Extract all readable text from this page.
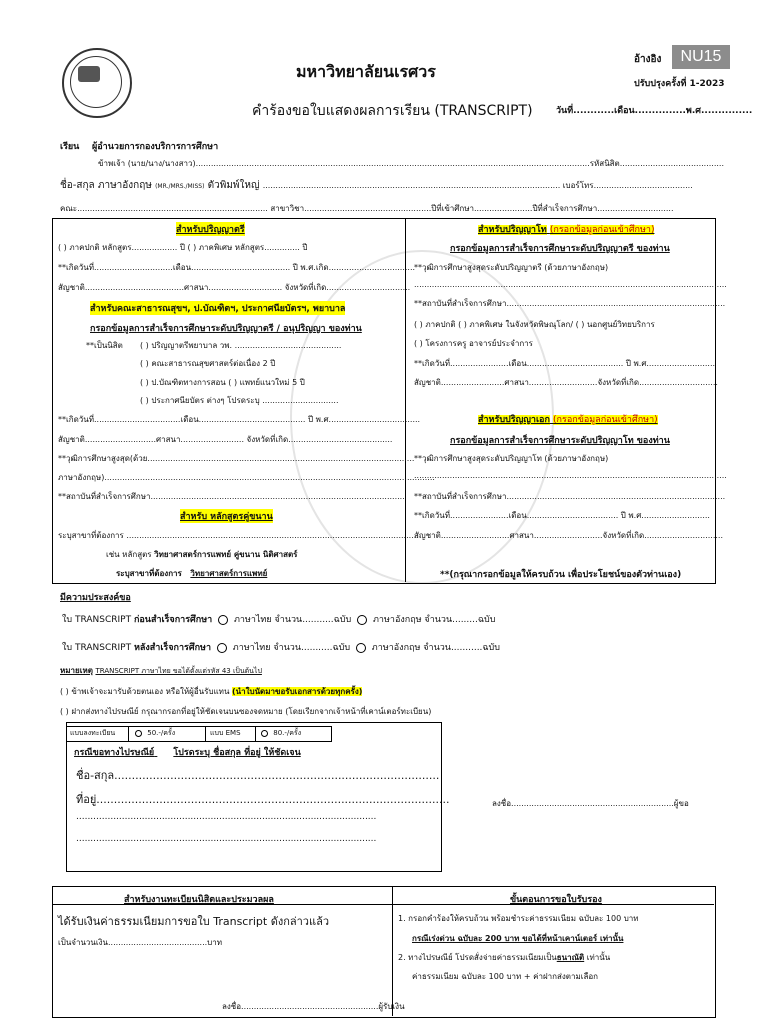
มหาวิทยาลัยนเรศวร
คำร้องขอใบแสดงผลการเรียน (TRANSCRIPT)
อ้างอิง	NU15
ปรับปรุงครั้งที่ 1-2023
วันที่............เดือน...............พ.ศ...............
เรียน ผู้อำนวยการกองบริการการศึกษา
ข้าพเจ้า (นาย/นาง/นางสาว)...........................................................................................................................................................รหัสนิสิต.........................................
ชื่อ-สกุล ภาษาอังกฤษ (MR./MRS./MISS) ตัวพิมพ์ใหญ่ ..................................................................................................................... เบอร์โทร.......................................
คณะ........................................................................... สาขาวิชา..................................................ปีที่เข้าศึกษา.......................ปีที่สำเร็จการศึกษา..............................
สำหรับปริญญาตรี
( ) ภาคปกติ หลักสูตร.................. ปี ( ) ภาคพิเศษ หลักสูตร.............. ปี
**เกิดวันที่...............................เดือน....................................... ปี พ.ศ.เกิด..................................
สัญชาติ.......................................ศาสนา............................. จังหวัดที่เกิด.................................
สำหรับคณะสาธารณสุขฯ, ป.บัณฑิตฯ, ประกาศนียบัตรฯ, พยาบาล
กรอกข้อมูลการสำเร็จการศึกษาระดับปริญญาตรี / อนุปริญญา ของท่าน
**เป็นนิสิต ( ) ปริญญาตรีพยาบาล วพ. ..........................................
( ) คณะสาธารณสุขศาสตร์ต่อเนื่อง 2 ปี
( ) ป.บัณฑิตทางการสอน ( ) แพทย์แนวใหม่ 5 ปี
( ) ประกาศนียบัตร ต่างๆ โปรดระบุ ..............................
**เกิดวันที่..................................เดือน.......................................... ปี พ.ศ....................................
สัญชาติ............................ศาสนา......................... จังหวัดที่เกิด.........................................
**วุฒิการศึกษาสูงสุด(ด้วย.........................................................................................................
ภาษาอังกฤษ)..................................................................................................................................
**สถาบันที่สำเร็จการศึกษา....................................................................................................
สำหรับ หลักสูตรคู่ขนาน
ระบุสาขาที่ต้องการ ...................................................................................................................
เช่น หลักสูตร วิทยาศาสตร์การแพทย์ คู่ขนาน นิติศาสตร์
ระบุสาขาที่ต้องการ วิทยาศาสตร์การแพทย์
สำหรับปริญญาโท (กรอกข้อมูลก่อนเข้าศึกษา)
กรอกข้อมูลการสำเร็จการศึกษาระดับปริญญาตรี ของท่าน
**วุฒิการศึกษาสูงสุดระดับปริญญาตรี (ด้วยภาษาอังกฤษ)
...........................................................................................................................
**สถาบันที่สำเร็จการศึกษา......................................................................................
( ) ภาคปกติ ( ) ภาคพิเศษ ในจังหวัดพิษณุโลก/ ( ) นอกศูนย์วิทยบริการ
( ) โครงการครู อาจารย์ประจำการ
**เกิดวันที่.......................เดือน...................................... ปี พ.ศ...........................
สัญชาติ.........................ศาสนา...........................จังหวัดที่เกิด...............................
สำหรับปริญญาเอก (กรอกข้อมูลก่อนเข้าศึกษา)
กรอกข้อมูลการสำเร็จการศึกษาระดับปริญญาโท ของท่าน
**วุฒิการศึกษาสูงสุดระดับปริญญาโท (ด้วยภาษาอังกฤษ)
...........................................................................................................................
**สถาบันที่สำเร็จการศึกษา......................................................................................
**เกิดวันที่.......................เดือน.................................... ปี พ.ศ...........................
สัญชาติ...........................ศาสนา...........................จังหวัดที่เกิด...............................
**(กรุณากรอกข้อมูลให้ครบถ้วน เพื่อประโยชน์ของตัวท่านเอง)
มีความประสงค์ขอ
ใบ TRANSCRIPT ก่อนสำเร็จการศึกษา ภาษาไทย จำนวน...........ฉบับ ภาษาอังกฤษ จำนวน.........ฉบับ
ใบ TRANSCRIPT หลังสำเร็จการศึกษา ภาษาไทย จำนวน...........ฉบับ ภาษาอังกฤษ จำนวน...........ฉบับ
หมายเหตุ TRANSCRIPT ภาษาไทย ขอได้ตั้งแต่รหัส 43 เป็นต้นไป
( ) ข้าพเจ้าจะมารับด้วยตนเอง หรือให้ผู้อื่นรับแทน (นำใบนัดมาขอรับเอกสารด้วยทุกครั้ง)
( ) ฝากส่งทางไปรษณีย์ กรุณากรอกที่อยู่ให้ชัดเจนบนซองจดหมาย (โดยเรียกจากเจ้าหน้าที่เคาน์เตอร์ทะเบียน)
แบบลงทะเบียน	50.-/ครั้ง	แบบ EMS	80.-/ครั้ง
กรณีขอทางไปรษณีย์ โปรดระบุ ชื่อสกุล ที่อยู่ ให้ชัดเจน
ชื่อ-สกุล.............................................................................................
ที่อยู่.....................................................................................................
.........................................................................................................
.........................................................................................................
ลงชื่อ................................................................ผู้ขอ
สำหรับงานทะเบียนนิสิตและประมวลผล	ขั้นตอนการขอใบรับรอง
ได้รับเงินค่าธรรมเนียมการขอใบ Transcript ดังกล่าวแล้ว
เป็นจำนวนเงิน.......................................บาท
ลงชื่อ......................................................ผู้รับเงิน
1. กรอกคำร้องให้ครบถ้วน พร้อมชำระค่าธรรมเนียม ฉบับละ 100 บาท
กรณีเร่งด่วน ฉบับละ 200 บาท ขอได้ที่หน้าเคาน์เตอร์ เท่านั้น
2. ทางไปรษณีย์ โปรดสั่งจ่ายค่าธรรมเนียมเป็นธนาณัติ เท่านั้น
ค่าธรรมเนียม ฉบับละ 100 บาท + ค่าฝากส่งตามเลือก
